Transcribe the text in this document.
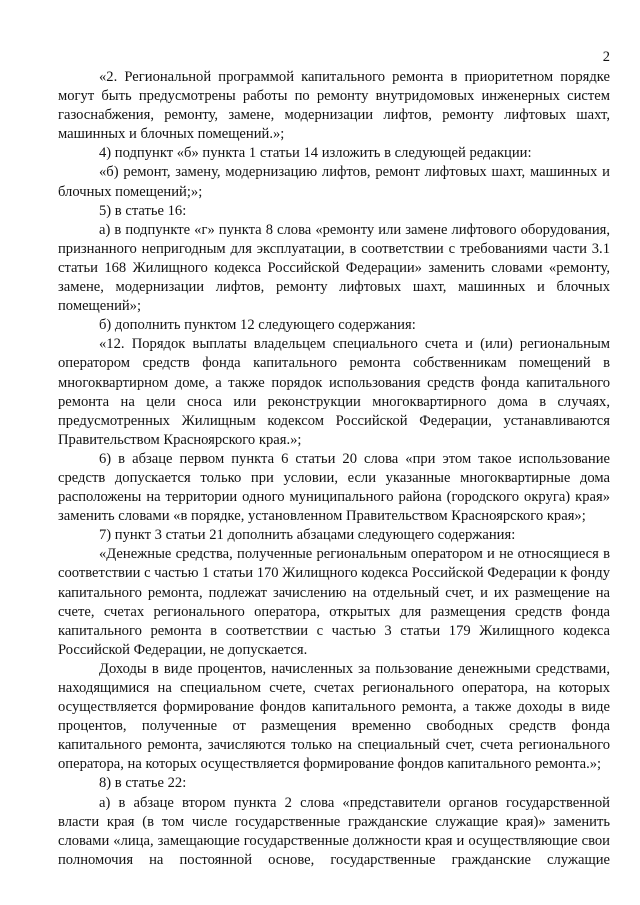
2

«2. Региональной программой капитального ремонта в приоритетном порядке могут быть предусмотрены работы по ремонту внутридомовых инженерных систем газоснабжения, ремонту, замене, модернизации лифтов, ремонту лифтовых шахт, машинных и блочных помещений.»;

4) подпункт «б» пункта 1 статьи 14 изложить в следующей редакции:

«б) ремонт, замену, модернизацию лифтов, ремонт лифтовых шахт, машинных и блочных помещений;»;

5) в статье 16:

а) в подпункте «г» пункта 8 слова «ремонту или замене лифтового оборудования, признанного непригодным для эксплуатации, в соответствии с требованиями части 3.1 статьи 168 Жилищного кодекса Российской Федерации» заменить словами «ремонту, замене, модернизации лифтов, ремонту лифтовых шахт, машинных и блочных помещений»;

б) дополнить пунктом 12 следующего содержания:

«12. Порядок выплаты владельцем специального счета и (или) региональным оператором средств фонда капитального ремонта собственникам помещений в многоквартирном доме, а также порядок использования средств фонда капитального ремонта на цели сноса или реконструкции многоквартирного дома в случаях, предусмотренных Жилищным кодексом Российской Федерации, устанавливаются Правительством Красноярского края.»;

6) в абзаце первом пункта 6 статьи 20 слова «при этом такое использование средств допускается только при условии, если указанные многоквартирные дома расположены на территории одного муниципального района (городского округа) края» заменить словами «в порядке, установленном Правительством Красноярского края»;

7) пункт 3 статьи 21 дополнить абзацами следующего содержания:

«Денежные средства, полученные региональным оператором и не относящиеся в соответствии с частью 1 статьи 170 Жилищного кодекса Российской Федерации к фонду капитального ремонта, подлежат зачислению на отдельный счет, и их размещение на счете, счетах регионального оператора, открытых для размещения средств фонда капитального ремонта в соответствии с частью 3 статьи 179 Жилищного кодекса Российской Федерации, не допускается.

Доходы в виде процентов, начисленных за пользование денежными средствами, находящимися на специальном счете, счетах регионального оператора, на которых осуществляется формирование фондов капитального ремонта, а также доходы в виде процентов, полученные от размещения временно свободных средств фонда капитального ремонта, зачисляются только на специальный счет, счета регионального оператора, на которых осуществляется формирование фондов капитального ремонта.»;

8) в статье 22:

а) в абзаце втором пункта 2 слова «представители органов государственной власти края (в том числе государственные гражданские служащие края)» заменить словами «лица, замещающие государственные должности края и осуществляющие свои полномочия на постоянной основе, государственные гражданские служащие
